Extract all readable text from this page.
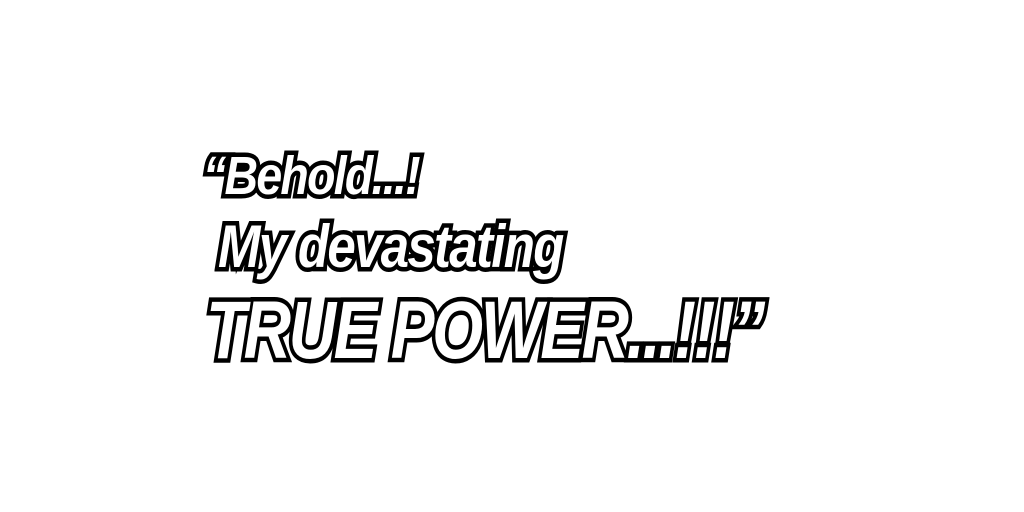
“Behold...!
My devastating
TRUE POWER...!!!”
